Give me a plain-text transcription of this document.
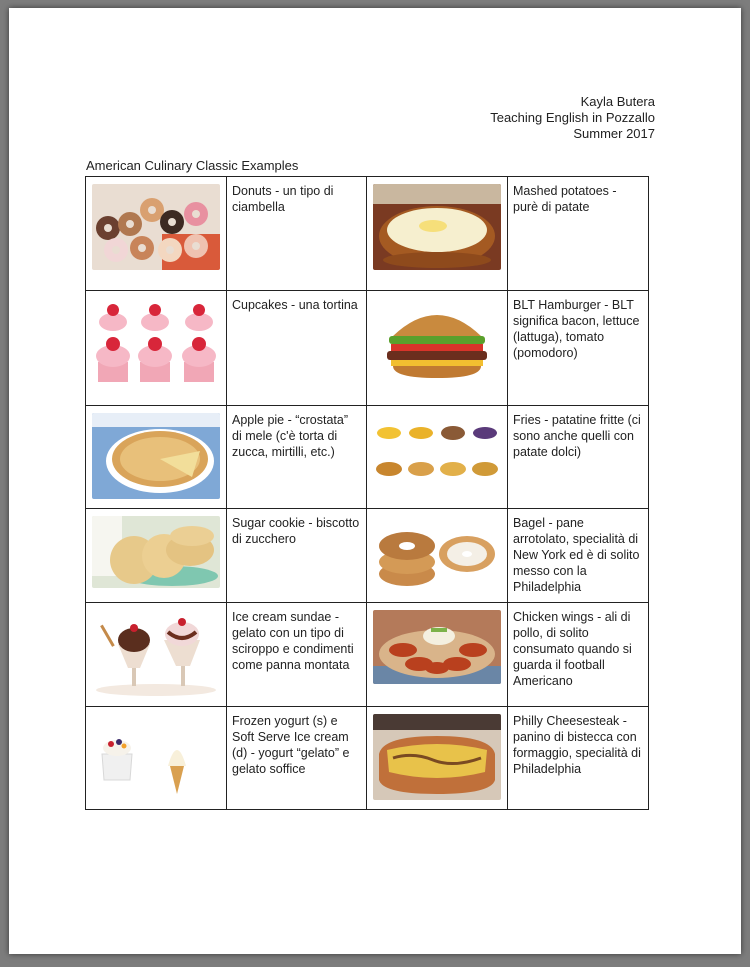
Kayla Butera
Teaching English in Pozzallo
Summer 2017
American Culinary Classic Examples
	Donuts - un tipo di ciambella		Mashed potatoes - purè di patate

	Cupcakes - una tortina		BLT Hamburger - BLT significa bacon, lettuce (lattuga), tomato (pomodoro)

	Apple pie - “crostata” di mele (c'è torta di zucca, mirtilli, etc.)		Fries - patatine fritte (ci sono anche quelli con patate dolci)

	Sugar cookie - biscotto di zucchero		Bagel - pane arrotolato, specialità di New York ed è di solito messo con la Philadelphia

	Ice cream sundae - gelato con un tipo di sciroppo e condimenti come panna montata		Chicken wings - ali di pollo, di solito consumato quando si guarda il football Americano

	Frozen yogurt (s) e Soft Serve Ice cream (d) - yogurt “gelato” e gelato soffice		Philly Cheesesteak - panino di bistecca con formaggio, specialità di Philadelphia
